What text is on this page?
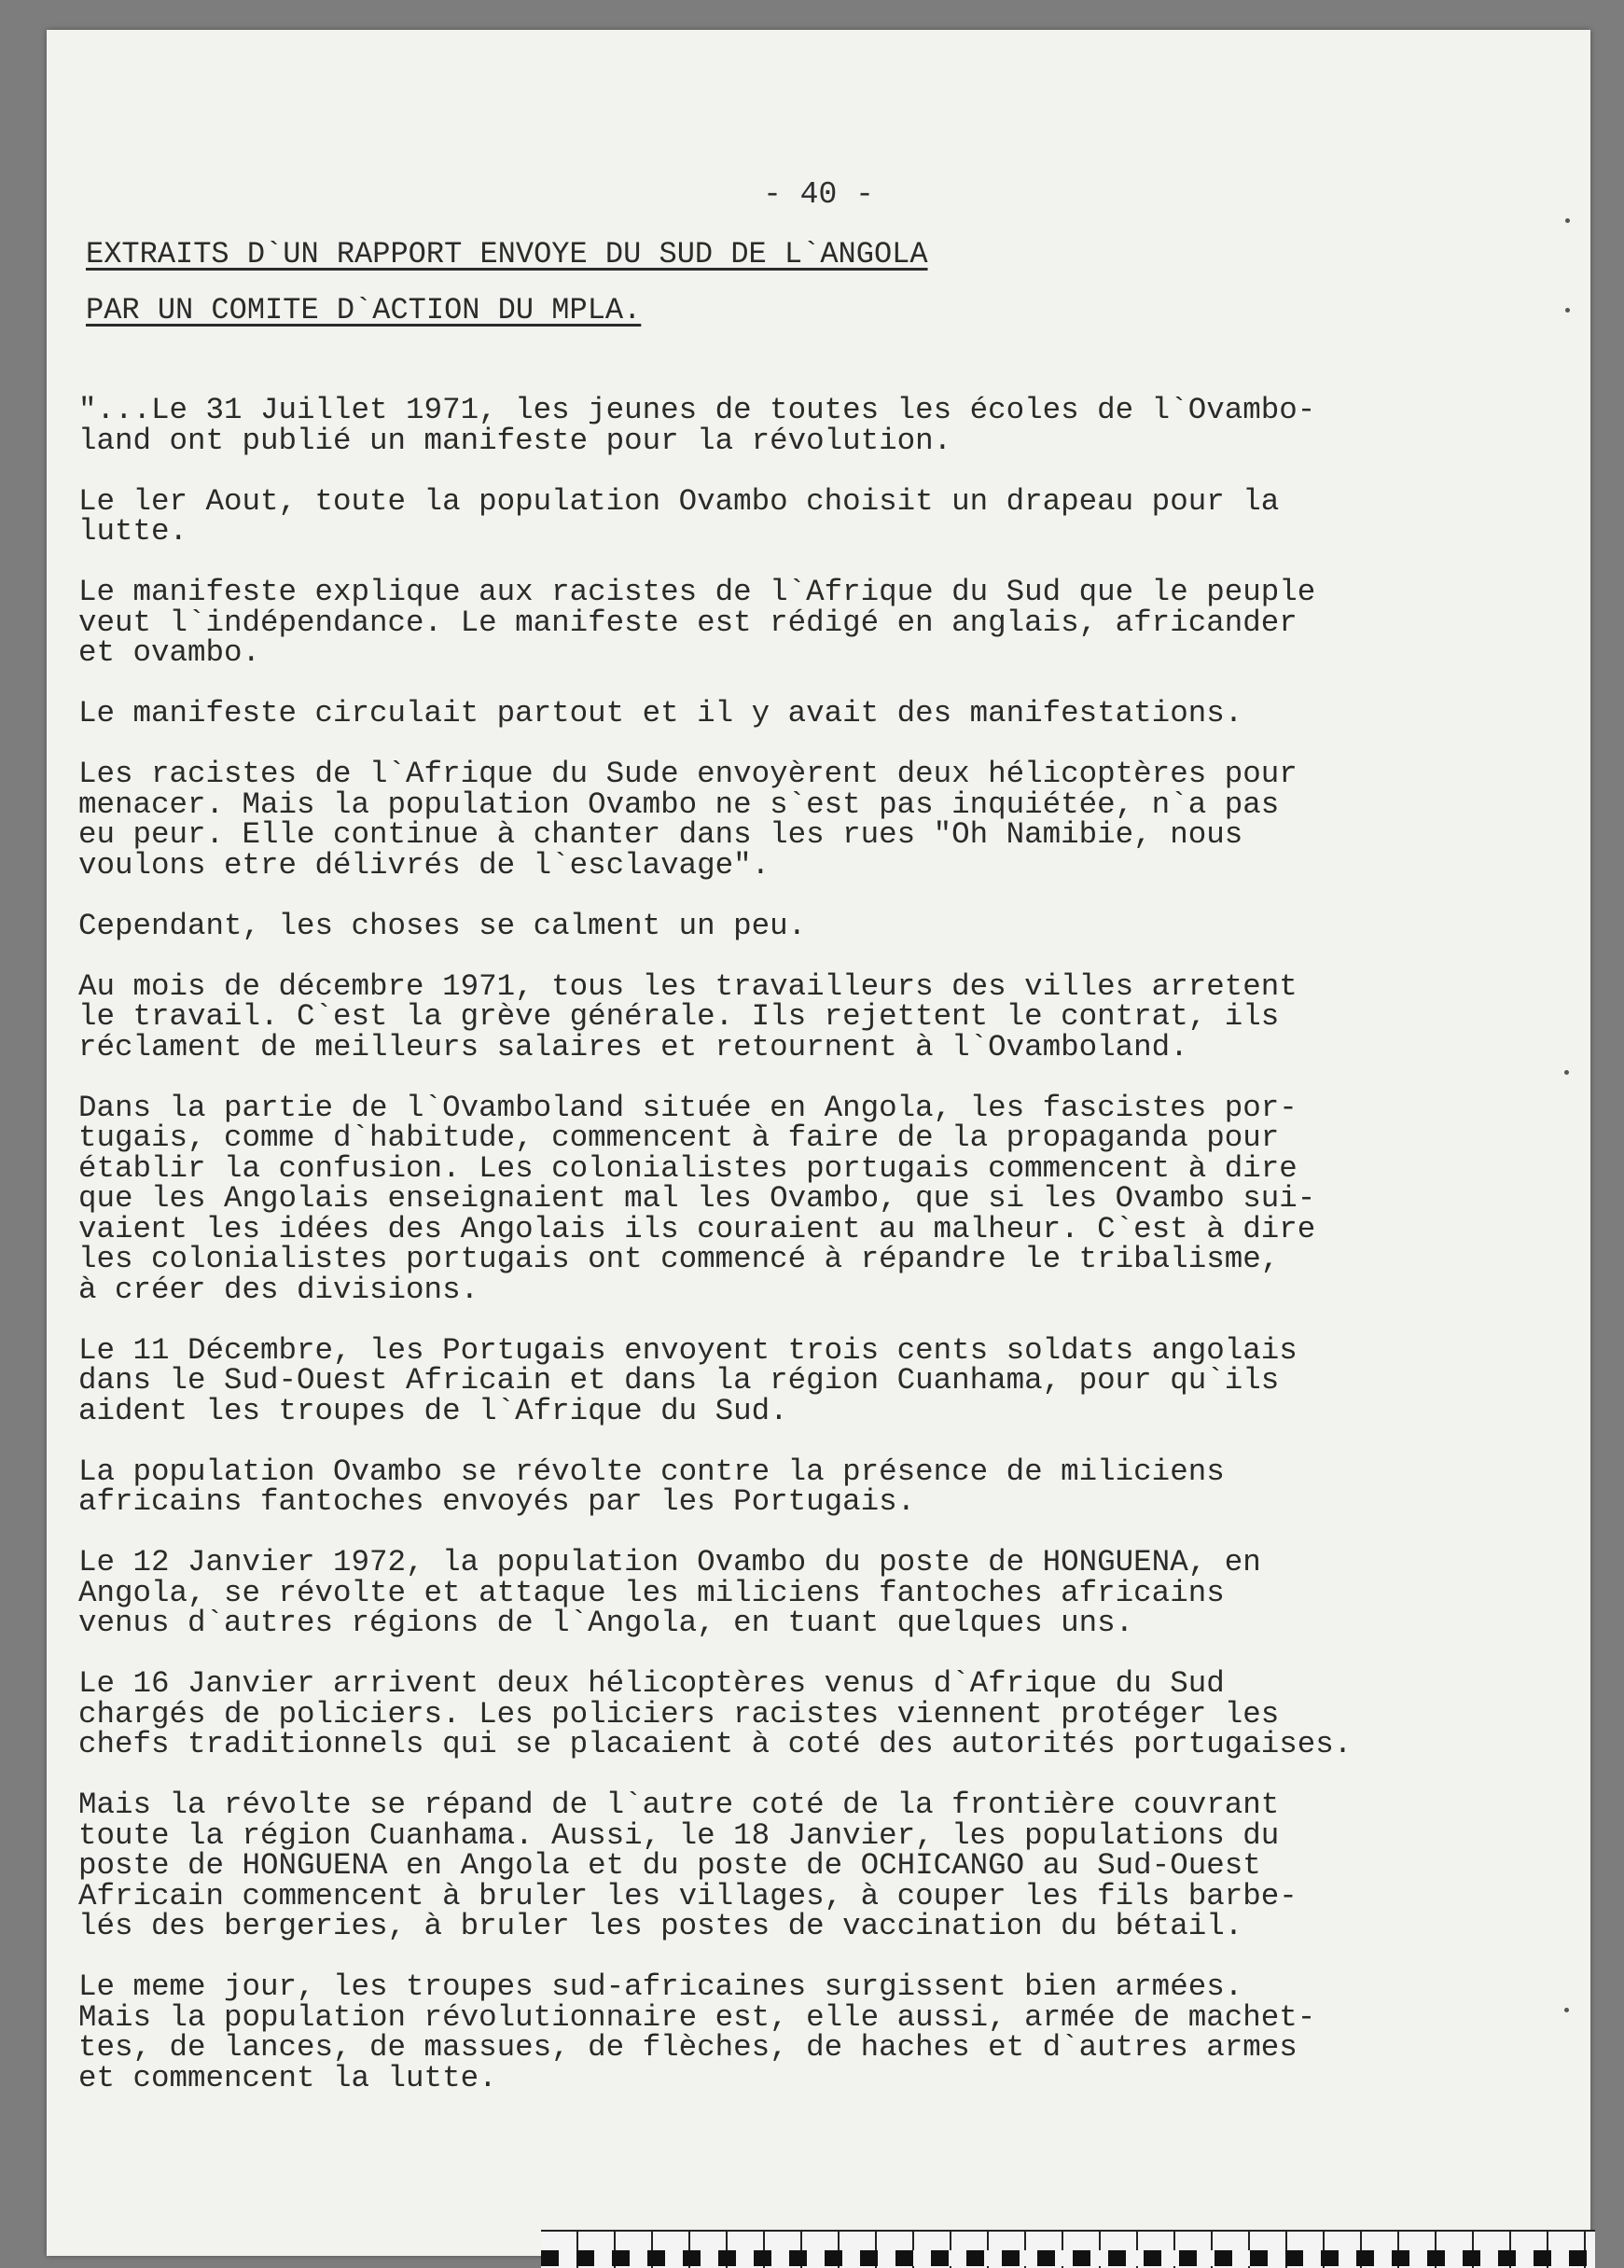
- 40 -
EXTRAITS D`UN RAPPORT ENVOYE DU SUD DE L`ANGOLA
PAR UN COMITE D`ACTION DU MPLA.

"...Le 31 Juillet 1971, les jeunes de toutes les écoles de l`Ovambo-
land ont publié un manifeste pour la révolution.

Le ler Aout, toute la population Ovambo choisit un drapeau pour la
lutte.

Le manifeste explique aux racistes de l`Afrique du Sud que le peuple
veut l`indépendance. Le manifeste est rédigé en anglais, africander
et ovambo.

Le manifeste circulait partout et il y avait des manifestations.

Les racistes de l`Afrique du Sude envoyèrent deux hélicoptères pour
menacer. Mais la population Ovambo ne s`est pas inquiétée, n`a pas
eu peur. Elle continue à chanter dans les rues "Oh Namibie, nous
voulons etre délivrés de l`esclavage".

Cependant, les choses se calment un peu.

Au mois de décembre 1971, tous les travailleurs des villes arretent
le travail. C`est la grève générale. Ils rejettent le contrat, ils
réclament de meilleurs salaires et retournent à l`Ovamboland.

Dans la partie de l`Ovamboland située en Angola, les fascistes por-
tugais, comme d`habitude, commencent à faire de la propaganda pour
établir la confusion. Les colonialistes portugais commencent à dire
que les Angolais enseignaient mal les Ovambo, que si les Ovambo sui-
vaient les idées des Angolais ils couraient au malheur. C`est à dire
les colonialistes portugais ont commencé à répandre le tribalisme,
à créer des divisions.

Le 11 Décembre, les Portugais envoyent trois cents soldats angolais
dans le Sud-Ouest Africain et dans la région Cuanhama, pour qu`ils
aident les troupes de l`Afrique du Sud.

La population Ovambo se révolte contre la présence de miliciens
africains fantoches envoyés par les Portugais.

Le 12 Janvier 1972, la population Ovambo du poste de HONGUENA, en
Angola, se révolte et attaque les miliciens fantoches africains
venus d`autres régions de l`Angola, en tuant quelques uns.

Le 16 Janvier arrivent deux hélicoptères venus d`Afrique du Sud
chargés de policiers. Les policiers racistes viennent protéger les
chefs traditionnels qui se placaient à coté des autorités portugaises.

Mais la révolte se répand de l`autre coté de la frontière couvrant
toute la région Cuanhama. Aussi, le 18 Janvier, les populations du
poste de HONGUENA en Angola et du poste de OCHICANGO au Sud-Ouest
Africain commencent à bruler les villages, à couper les fils barbe-
lés des bergeries, à bruler les postes de vaccination du bétail.

Le meme jour, les troupes sud-africaines surgissent bien armées.
Mais la population révolutionnaire est, elle aussi, armée de machet-
tes, de lances, de massues, de flèches, de haches et d`autres armes
et commencent la lutte.
